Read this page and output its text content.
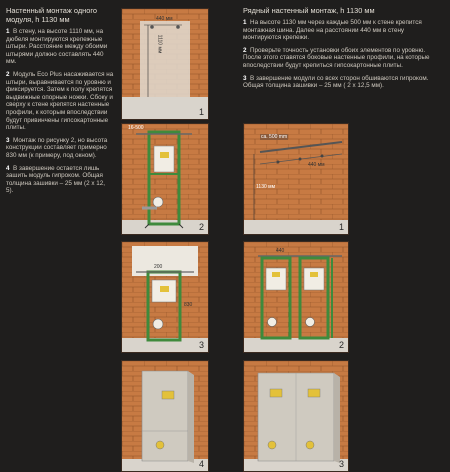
Настенный монтаж одного модуля, h 1130 мм

1 В стену, на высоте 1110 мм, на дюбеля монтируются крепежные штыри. Расстояние между обоими штырями должно составлять 440 мм.

2 Модуль Eco Plus насаживается на штыри, выравнивается по уровню и фиксируется. Затем к полу крепятся выдвижные опорные ножки. Сбоку и сверху к стене крепятся настенные профили, к которым впоследствии будут привинчены гипсокартонные плиты.

3 Монтаж по рисунку 2, но высота конструкции составляет примерно 830 мм (к примеру, под окном).

4 В завершение остается лишь зашить модуль гипроком. Общая толщина зашивки – 25 мм (2 x 12, 5).

Рядный настенный монтаж, h 1130 мм

1 На высоте 1130 мм через каждые 500 мм к стене крепится монтажная шина. Далее на расстоянии 440 мм в стену монтируются крепежи.

2 Проверьте точность установки обоих элементов по уровню. После этого ставятся боковые настенные профили, на которые впоследствии будут крепиться гипсокартонные плиты.

3 В завершение модули со всех сторон обшиваются гипроком. Общая толщина зашивки – 25 мм ( 2 x 12,5 мм).

1110 мм
440 мм
1
16-500
2
200
830
3
4
ca. 500 mm
440 мм
1130 мм
1
440
2
3
